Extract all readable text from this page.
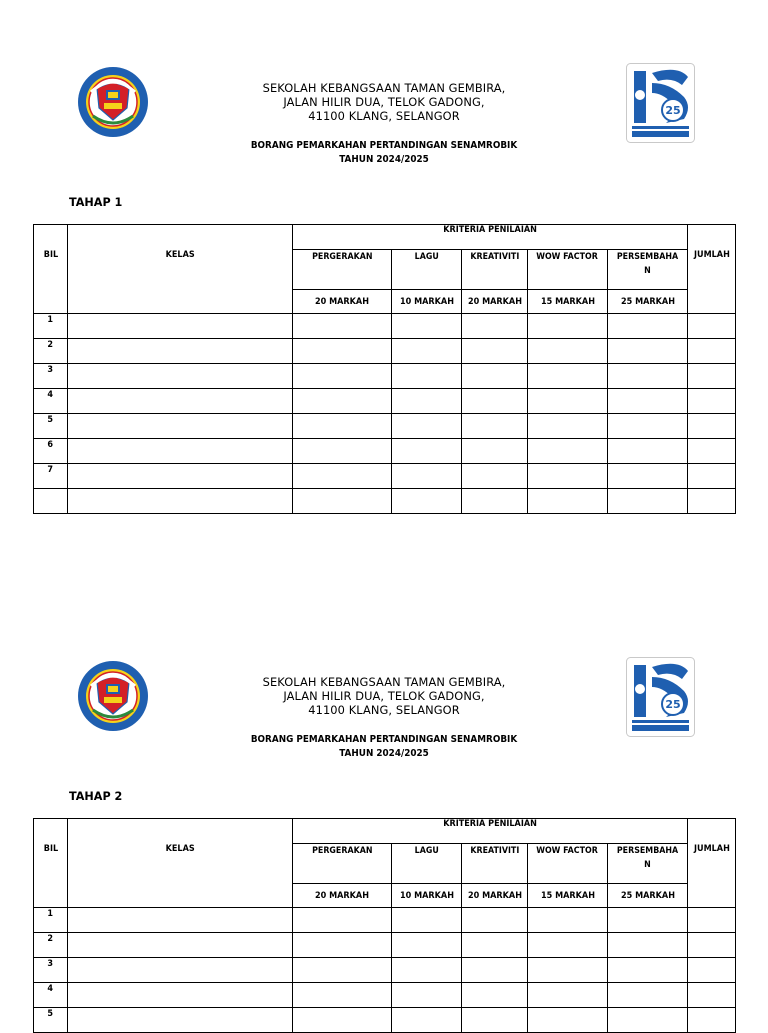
SEKOLAH KEBANGSAAN TAMAN GEMBIRA,
JALAN HILIR DUA, TELOK GADONG,
41100 KLANG, SELANGOR	25
BORANG PEMARKAHAN PERTANDINGAN SENAMROBIK
TAHUN 2024/2025
TAHAP 1
BIL	KELAS	KRITERIA PENILAIAN					JUMLAH
		PERGERAKAN	LAGU	KREATIVITI	WOW FACTOR	PERSEMBAHA N	
		20 MARKAH	10 MARKAH	20 MARKAH	15 MARKAH	25 MARKAH	
1							
2							
3							
4							
5							
6							
7							

SEKOLAH KEBANGSAAN TAMAN GEMBIRA,
JALAN HILIR DUA, TELOK GADONG,
41100 KLANG, SELANGOR	25
BORANG PEMARKAHAN PERTANDINGAN SENAMROBIK
TAHUN 2024/2025
TAHAP 2
BIL	KELAS	KRITERIA PENILAIAN					JUMLAH
		PERGERAKAN	LAGU	KREATIVITI	WOW FACTOR	PERSEMBAHA N	
		20 MARKAH	10 MARKAH	20 MARKAH	15 MARKAH	25 MARKAH	
1							
2							
3							
4							
5							
